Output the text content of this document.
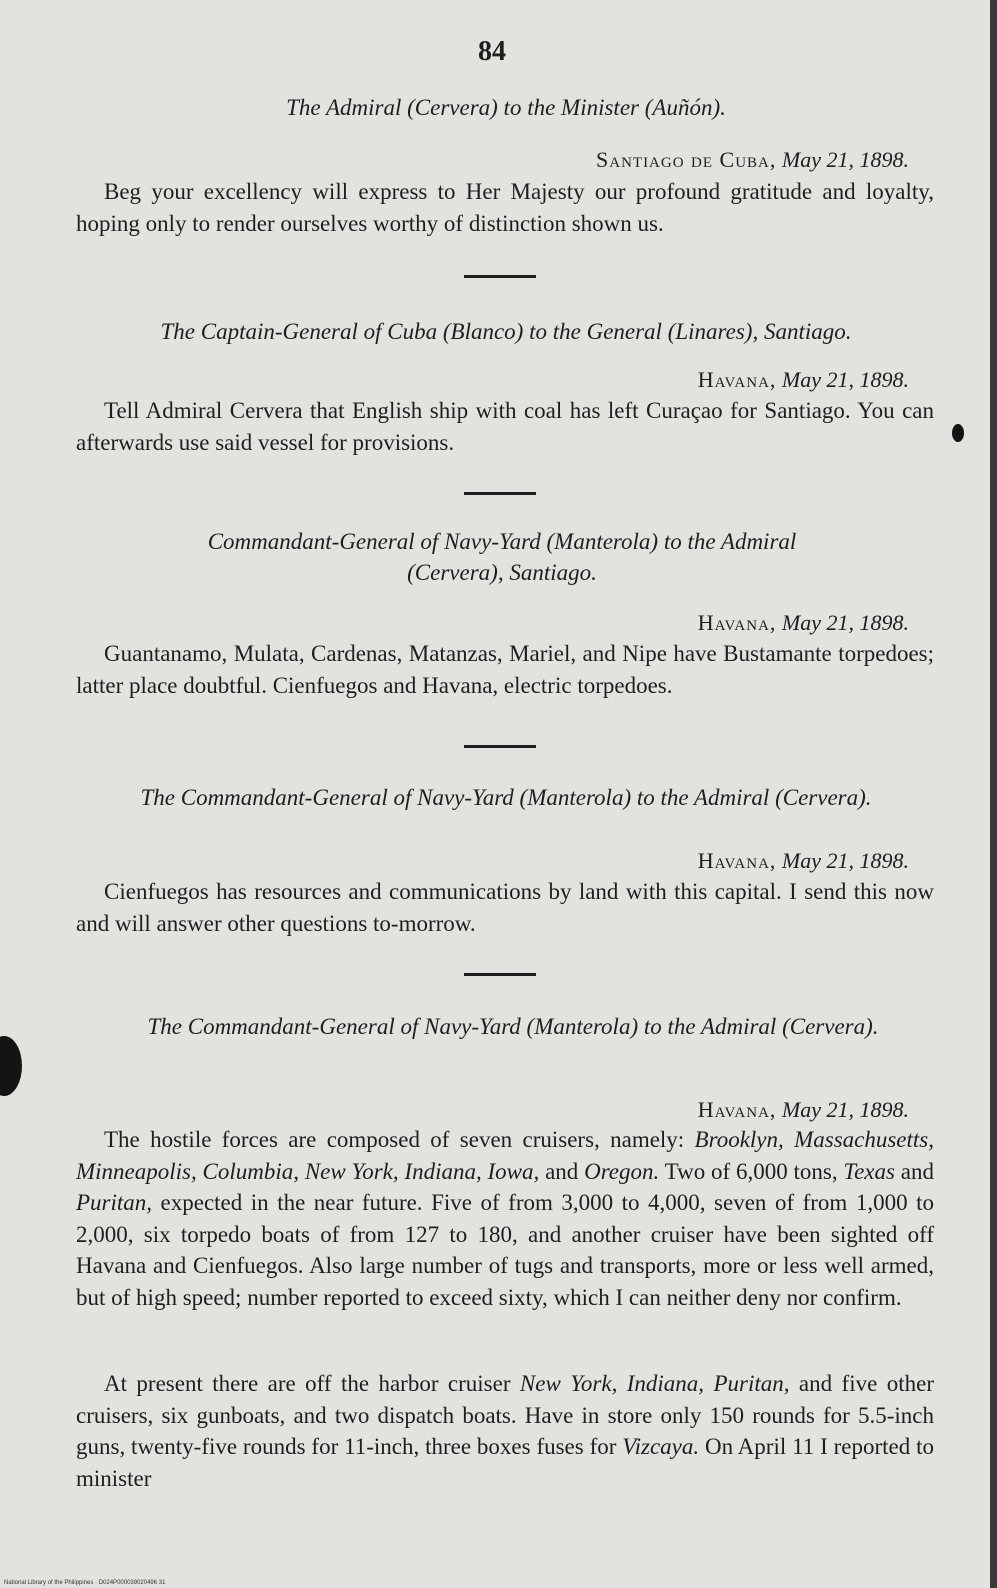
84
The Admiral (Cervera) to the Minister (Auñón).
Santiago de Cuba, May 21, 1898.

Beg your excellency will express to Her Majesty our profound gratitude and loyalty, hoping only to render ourselves worthy of distinction shown us.

The Captain-General of Cuba (Blanco) to the General (Linares), Santiago.
Havana, May 21, 1898.

Tell Admiral Cervera that English ship with coal has left Curaçao for Santiago. You can afterwards use said vessel for provisions.

Commandant-General of Navy-Yard (Manterola) to the Admiral (Cervera), Santiago.
Havana, May 21, 1898.

Guantanamo, Mulata, Cardenas, Matanzas, Mariel, and Nipe have Bustamante torpedoes; latter place doubtful. Cienfuegos and Havana, electric torpedoes.

The Commandant-General of Navy-Yard (Manterola) to the Admiral (Cervera).
Havana, May 21, 1898.

Cienfuegos has resources and communications by land with this capital. I send this now and will answer other questions to-morrow.

The Commandant-General of Navy-Yard (Manterola) to the Admiral (Cervera).
Havana, May 21, 1898.

The hostile forces are composed of seven cruisers, namely: Brooklyn, Massachusetts, Minneapolis, Columbia, New York, Indiana, Iowa, and Oregon. Two of 6,000 tons, Texas and Puritan, expected in the near future. Five of from 3,000 to 4,000, seven of from 1,000 to 2,000, six torpedo boats of from 127 to 180, and another cruiser have been sighted off Havana and Cienfuegos. Also large number of tugs and transports, more or less well armed, but of high speed; number reported to exceed sixty, which I can neither deny nor confirm.

At present there are off the harbor cruiser New York, Indiana, Puritan, and five other cruisers, six gunboats, and two dispatch boats. Have in store only 150 rounds for 5.5-inch guns, twenty-five rounds for 11-inch, three boxes fuses for Vizcaya. On April 11 I reported to minister

National Library of the Philippines · D024P000039020496 31
